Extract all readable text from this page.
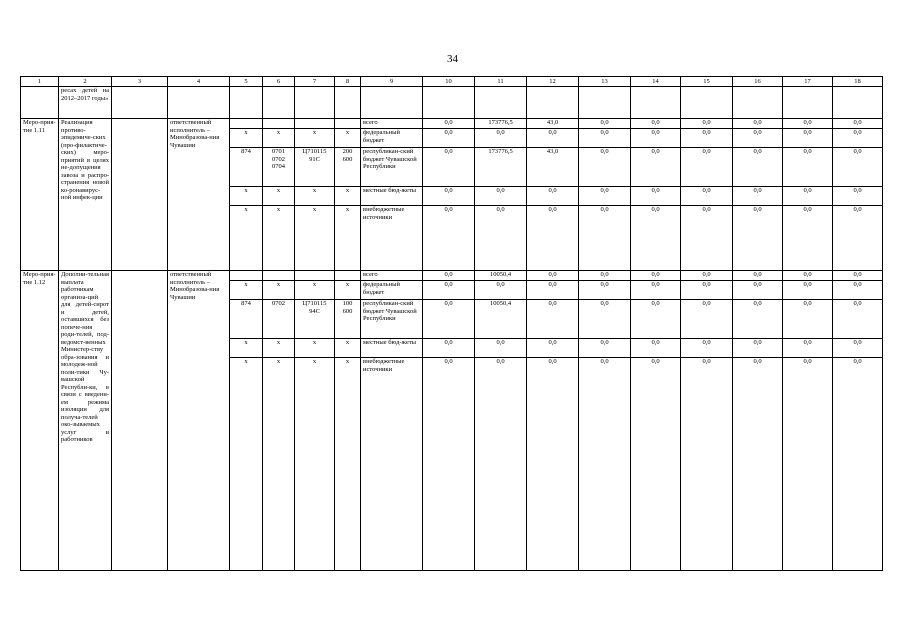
34
1	2	3	4	5	6	7	8	9	10	11	12	13	14	15	16	17	18
	ресах детей на 2012–2017 годы»																
Меро-прия-тие 1.11	Реализация противо-эпидемиче-ских (про-филактиче-ских) меро-приятий в целях не-допущения завоза и распро-странения новой ко-ронавирус-ной инфек-ции		ответственный исполнитель – Минобразова-ния Чувашии					всего	0,0	173776,5	43,0	0,0	0,0	0,0	0,0	0,0	0,0
				x	x	x	x	федеральный бюджет	0,0	0,0	0,0	0,0	0,0	0,0	0,0	0,0	0,0
				874	0701 0702 0704	Ц710115 91С	200 600	республикан-ский бюджет Чувашской Республики	0,0	173776,5	43,0	0,0	0,0	0,0	0,0	0,0	0,0
				x	x	x	x	местные бюд-жеты	0,0	0,0	0,0	0,0	0,0	0,0	0,0	0,0	0,0
				x	x	x	x	внебюджетные источники	0,0	0,0	0,0	0,0	0,0	0,0	0,0	0,0	0,0
Меро-прия-тие 1.12	Дополни-тельная выплата работникам организа-ций для детей-сирот и детей, оставшихся без попече-ния роди-телей, под-ведомст-венных Министер-ству обра-зования и молодеж-ной поли-тики Чу-вашской Республи-ки, в связи с введени-ем режима изоляции для получа-телей око-зываемых услуг и работников		ответственный исполнитель – Минобразова-ния Чувашии					всего	0,0	10050,4	0,0	0,0	0,0	0,0	0,0	0,0	0,0
				x	x	x	x	федеральный бюджет	0,0	0,0	0,0	0,0	0,0	0,0	0,0	0,0	0,0
				874	0702	Ц710115 94С	100 600	республикан-ский бюджет Чувашской Республики	0,0	10050,4	0,0	0,0	0,0	0,0	0,0	0,0	0,0
				x	x	x	x	местные бюд-жеты	0,0	0,0	0,0	0,0	0,0	0,0	0,0	0,0	0,0
				x	x	x	x	внебюджетные источники	0,0	0,0	0,0	0,0	0,0	0,0	0,0	0,0	0,0
